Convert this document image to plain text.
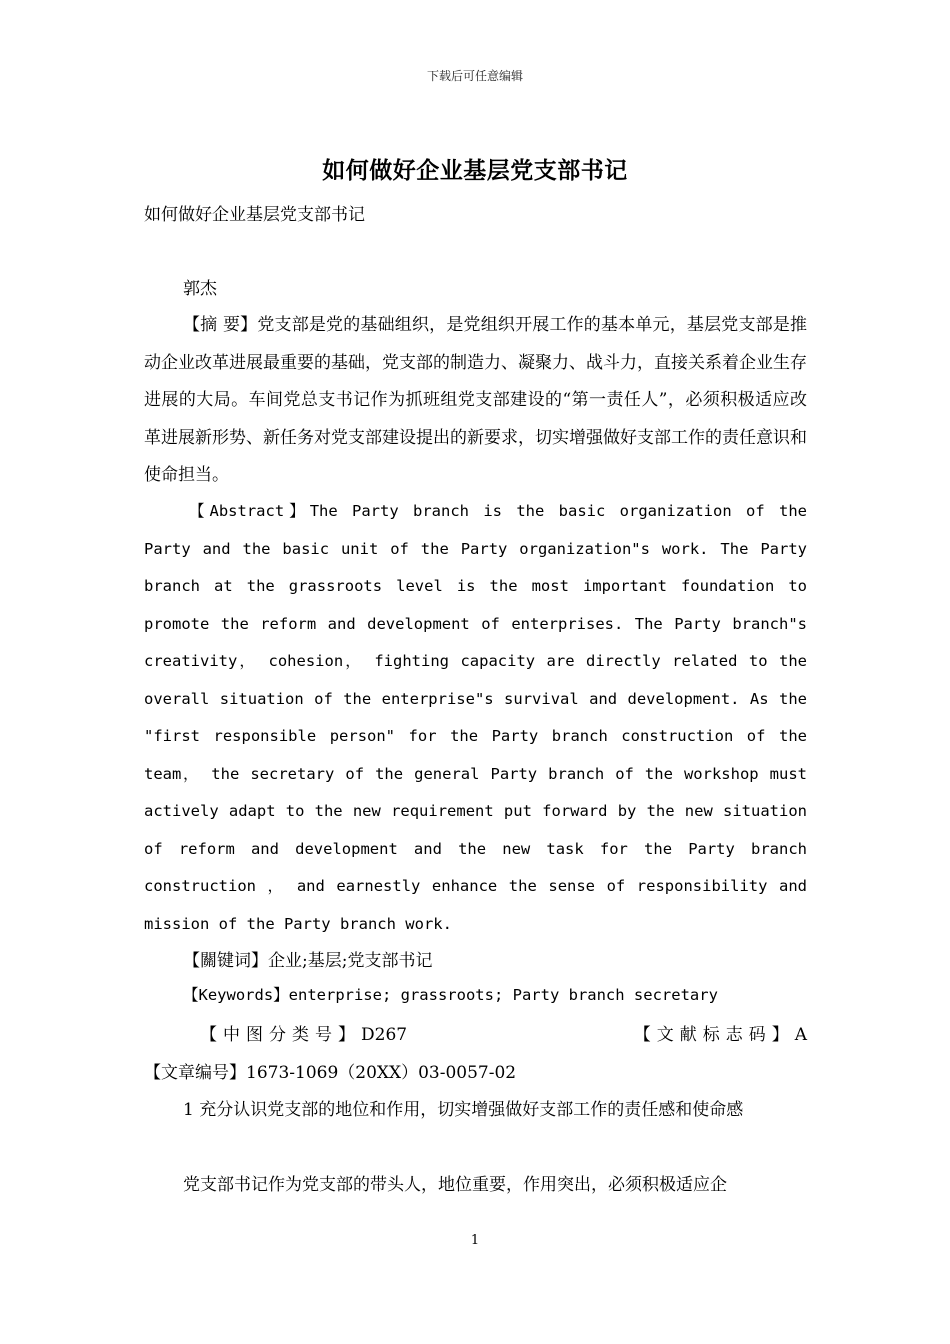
下载后可任意编辑
如何做好企业基层党支部书记
如何做好企业基层党支部书记
郭杰
【摘 要】党支部是党的基础组织，是党组织开展工作的基本单元，基层党支部是推动企业改革进展最重要的基础，党支部的制造力、凝聚力、战斗力，直接关系着企业生存进展的大局。车间党总支书记作为抓班组党支部建设的“第一责任人”，必须积极适应改革进展新形势、新任务对党支部建设提出的新要求，切实增强做好支部工作的责任意识和使命担当。
【Abstract】The Party branch is the basic organization of the Party and the basic unit of the Party organization"s work. The Party branch at the grassroots level is the most important foundation to promote the reform and development of enterprises. The Party branch"s creativity， cohesion， fighting capacity are directly related to the overall situation of the enterprise"s survival and development. As the "first responsible person" for the Party branch construction of the team， the secretary of the general Party branch of the workshop must actively adapt to the new requirement put forward by the new situation of reform and development and the new task for the Party branch construction ， and earnestly enhance the sense of responsibility and mission of the Party branch work.
【關键词】企业;基层;党支部书记
【Keywords】enterprise; grassroots; Party branch secretary
【中图分类号】D267	【文献标志码】A
【文章编号】1673-1069（20XX）03-0057-02
1 充分认识党支部的地位和作用，切实增强做好支部工作的责任感和使命感
党支部书记作为党支部的带头人，地位重要，作用突出，必须积极适应企
1
